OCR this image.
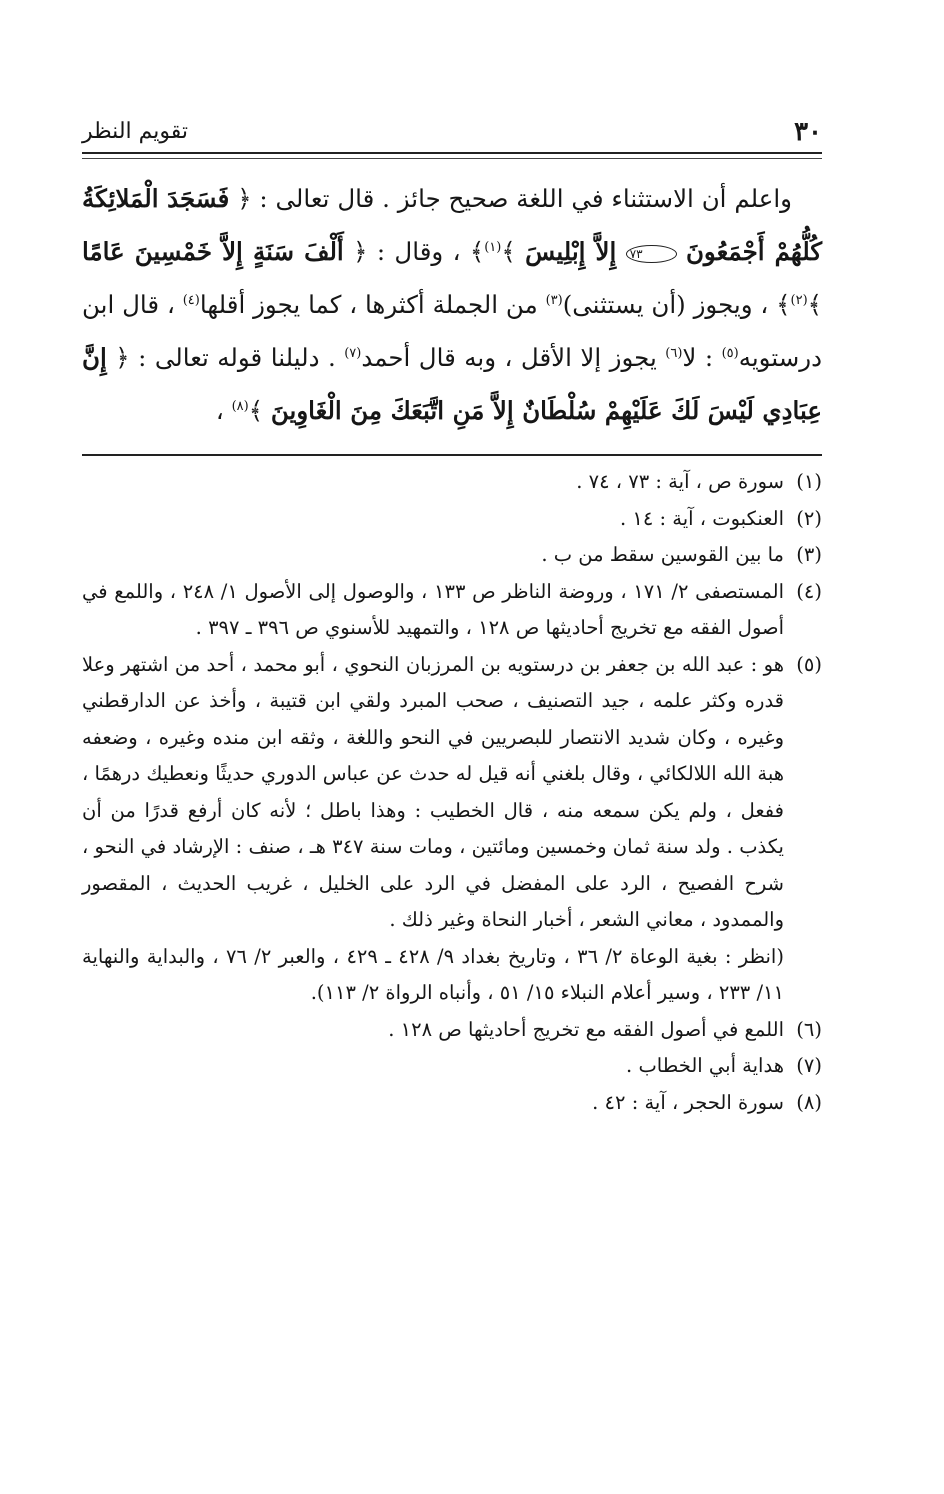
٣٠
تقويم النظر

واعلم أن الاستثناء في اللغة صحيح جائز . قال تعالى : ﴿ فَسَجَدَ الْمَلائِكَةُ كُلُّهُمْ أَجْمَعُونَ ٧٣ إِلاَّ إِبْلِيسَ ﴾$^{(١)}$﴾ ، وقال : ﴿ أَلْفَ سَنَةٍ إِلاَّ خَمْسِينَ عَامًا ﴾$^{(٢)}$﴾ ، ويجوز (أن يستثنى)$^{(٣)}$ من الجملة أكثرها ، كما يجوز أقلها$^{(٤)}$ ، قال ابن درستويه$^{(٥)}$ : لا$^{(٦)}$ يجوز إلا الأقل ، وبه قال أحمد$^{(٧)}$ . دليلنا قوله تعالى : ﴿ إِنَّ عِبَادِي لَيْسَ لَكَ عَلَيْهِمْ سُلْطَانٌ إِلاَّ مَنِ اتَّبَعَكَ مِنَ الْغَاوِينَ ﴾$^{(٨)}$ ،

(١)
سورة ص ، آية : ٧٣ ، ٧٤ .
(٢)
العنكبوت ، آية : ١٤ .
(٣)
ما بين القوسين سقط من ب .
(٤)
المستصفى ٢/ ١٧١ ، وروضة الناظر ص ١٣٣ ، والوصول إلى الأصول ١/ ٢٤٨ ، واللمع في أصول الفقه مع تخريج أحاديثها ص ١٢٨ ، والتمهيد للأسنوي ص ٣٩٦ ـ ٣٩٧ .
(٥)
هو : عبد الله بن جعفر بن درستويه بن المرزبان النحوي ، أبو محمد ، أحد من اشتهر وعلا قدره وكثر علمه ، جيد التصنيف ، صحب المبرد ولقي ابن قتيبة ، وأخذ عن الدارقطني وغيره ، وكان شديد الانتصار للبصريين في النحو واللغة ، وثقه ابن منده وغيره ، وضعفه هبة الله اللالكائي ، وقال بلغني أنه قيل له حدث عن عباس الدوري حديثًا ونعطيك درهمًا ، ففعل ، ولم يكن سمعه منه ، قال الخطيب : وهذا باطل ؛ لأنه كان أرفع قدرًا من أن يكذب . ولد سنة ثمان وخمسين ومائتين ، ومات سنة ٣٤٧ هـ ، صنف : الإرشاد في النحو ، شرح الفصيح ، الرد على المفضل في الرد على الخليل ، غريب الحديث ، المقصور والممدود ، معاني الشعر ، أخبار النحاة وغير ذلك .
(انظر : بغية الوعاة ٢/ ٣٦ ، وتاريخ بغداد ٩/ ٤٢٨ ـ ٤٢٩ ، والعبر ٢/ ٧٦ ، والبداية والنهاية ١١/ ٢٣٣ ، وسير أعلام النبلاء ١٥/ ٥١ ، وأنباه الرواة ٢/ ١١٣).
(٦)
اللمع في أصول الفقه مع تخريج أحاديثها ص ١٢٨ .
(٧)
هداية أبي الخطاب .
(٨)
سورة الحجر ، آية : ٤٢ .
